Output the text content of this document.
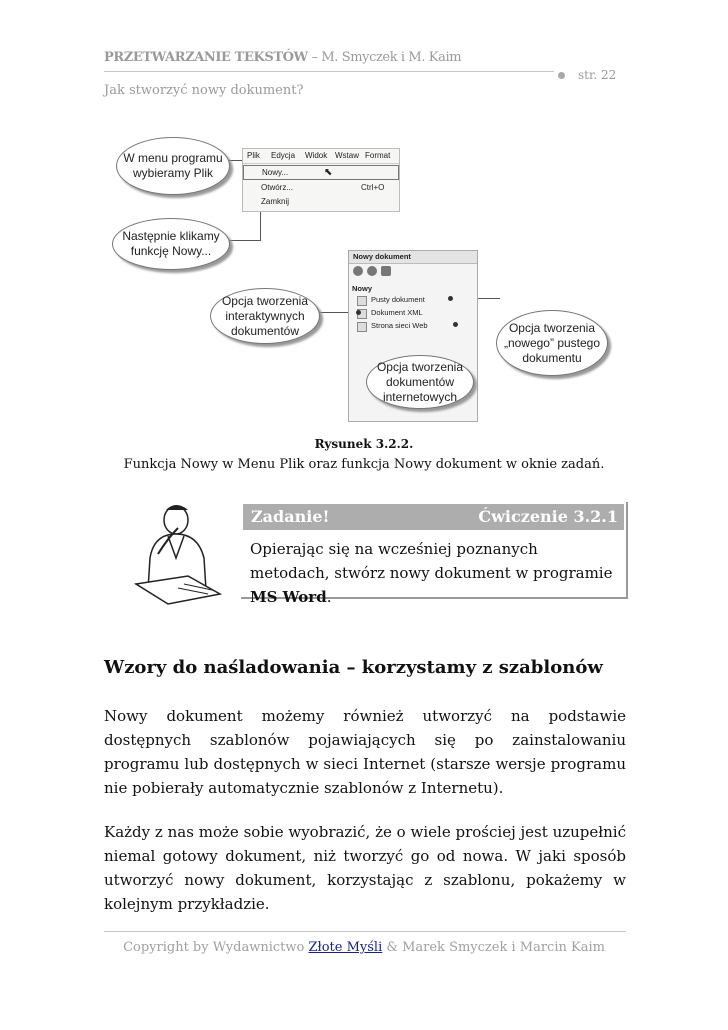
PRZETWARZANIE TEKSTÓW – M. Smyczek i M. Kaim
str. 22
Jak stworzyć nowy dokument?
Plik Edycja Widok Wstaw Format
Nowy...	⬉
Otwórz...	Ctrl+O
Zamknij
Nowy dokument
Nowy
Pusty dokument
Dokument XML
Strona sieci Web
W menu programu wybieramy Plik
Następnie klikamy funkcję Nowy...
Opcja tworzenia interaktywnych dokumentów	Opcja tworzenia „nowego” pustego dokumentu
Opcja tworzenia dokumentów internetowych
Rysunek 3.2.2.
Funkcja Nowy w Menu Plik oraz funkcja Nowy dokument w oknie zadań.
Zadanie!	Ćwiczenie 3.2.1
Opierając się na wcześniej poznanych metodach, stwórz nowy dokument w programie MS Word.
Wzory do naśladowania – korzystamy z szablonów
Nowy dokument możemy również utworzyć na podstawie dostępnych szablonów pojawiających się po zainstalowaniu programu lub dostępnych w sieci Internet (starsze wersje programu nie pobierały automatycznie szablonów z Internetu).
Każdy z nas może sobie wyobrazić, że o wiele prościej jest uzupełnić niemal gotowy dokument, niż tworzyć go od nowa. W jaki sposób utworzyć nowy dokument, korzystając z szablonu, pokażemy w kolejnym przykładzie.
Copyright by Wydawnictwo Złote Myśli & Marek Smyczek i Marcin Kaim
